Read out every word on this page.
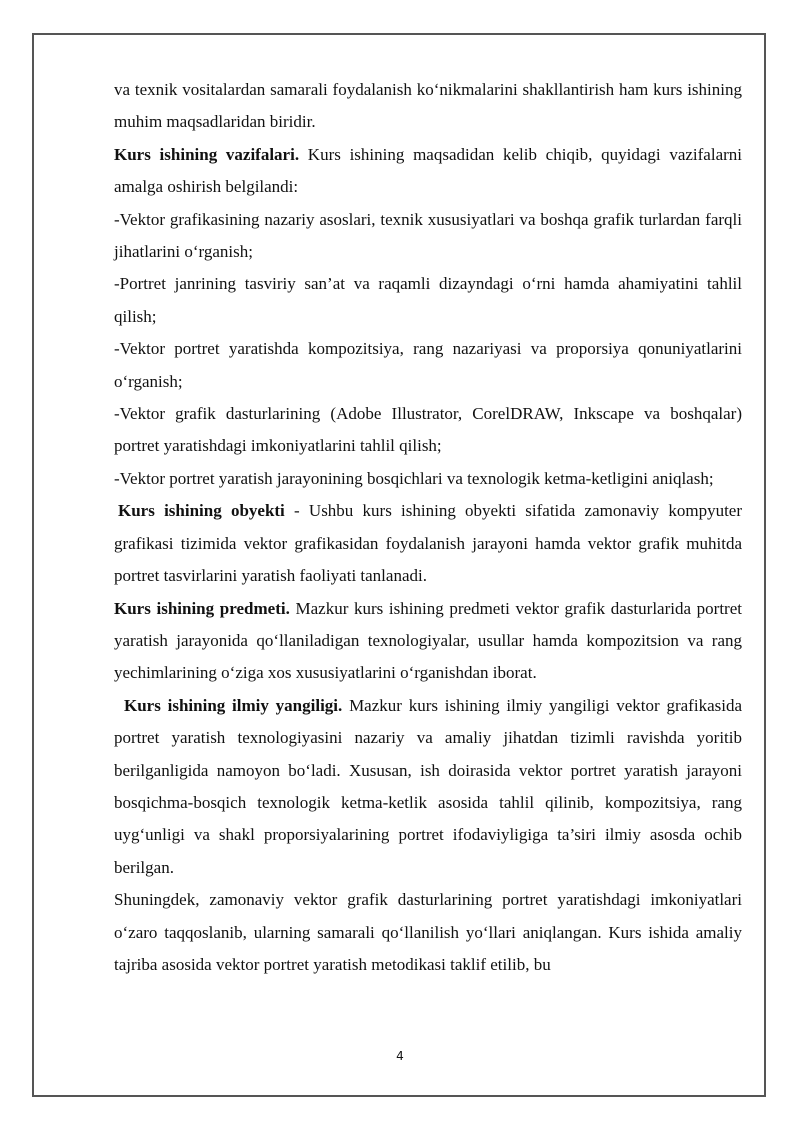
va texnik vositalardan samarali foydalanish ko‘nikmalarini shakllantirish ham kurs ishining muhim maqsadlaridan biridir.

Kurs ishining vazifalari. Kurs ishining maqsadidan kelib chiqib, quyidagi vazifalarni amalga oshirish belgilandi:

-Vektor grafikasining nazariy asoslari, texnik xususiyatlari va boshqa grafik turlardan farqli jihatlarini o‘rganish;

-Portret janrining tasviriy san’at va raqamli dizayndagi o‘rni hamda ahamiyatini tahlil qilish;

-Vektor portret yaratishda kompozitsiya, rang nazariyasi va proporsiya qonuniyatlarini o‘rganish;

-Vektor grafik dasturlarining (Adobe Illustrator, CorelDRAW, Inkscape va boshqalar) portret yaratishdagi imkoniyatlarini tahlil qilish;

-Vektor portret yaratish jarayonining bosqichlari va texnologik ketma-ketligini aniqlash;

Kurs ishining obyekti - Ushbu kurs ishining obyekti sifatida zamonaviy kompyuter grafikasi tizimida vektor grafikasidan foydalanish jarayoni hamda vektor grafik muhitda portret tasvirlarini yaratish faoliyati tanlanadi.

Kurs ishining predmeti. Mazkur kurs ishining predmeti vektor grafik dasturlarida portret yaratish jarayonida qo‘llaniladigan texnologiyalar, usullar hamda kompozitsion va rang yechimlarining o‘ziga xos xususiyatlarini o‘rganishdan iborat.

Kurs ishining ilmiy yangiligi. Mazkur kurs ishining ilmiy yangiligi vektor grafikasida portret yaratish texnologiyasini nazariy va amaliy jihatdan tizimli ravishda yoritib berilganligida namoyon bo‘ladi. Xususan, ish doirasida vektor portret yaratish jarayoni bosqichma-bosqich texnologik ketma-ketlik asosida tahlil qilinib, kompozitsiya, rang uyg‘unligi va shakl proporsiyalarining portret ifodaviyligiga ta’siri ilmiy asosda ochib berilgan.

Shuningdek, zamonaviy vektor grafik dasturlarining portret yaratishdagi imkoniyatlari o‘zaro taqqoslanib, ularning samarali qo‘llanilish yo‘llari aniqlangan. Kurs ishida amaliy tajriba asosida vektor portret yaratish metodikasi taklif etilib, bu

4
